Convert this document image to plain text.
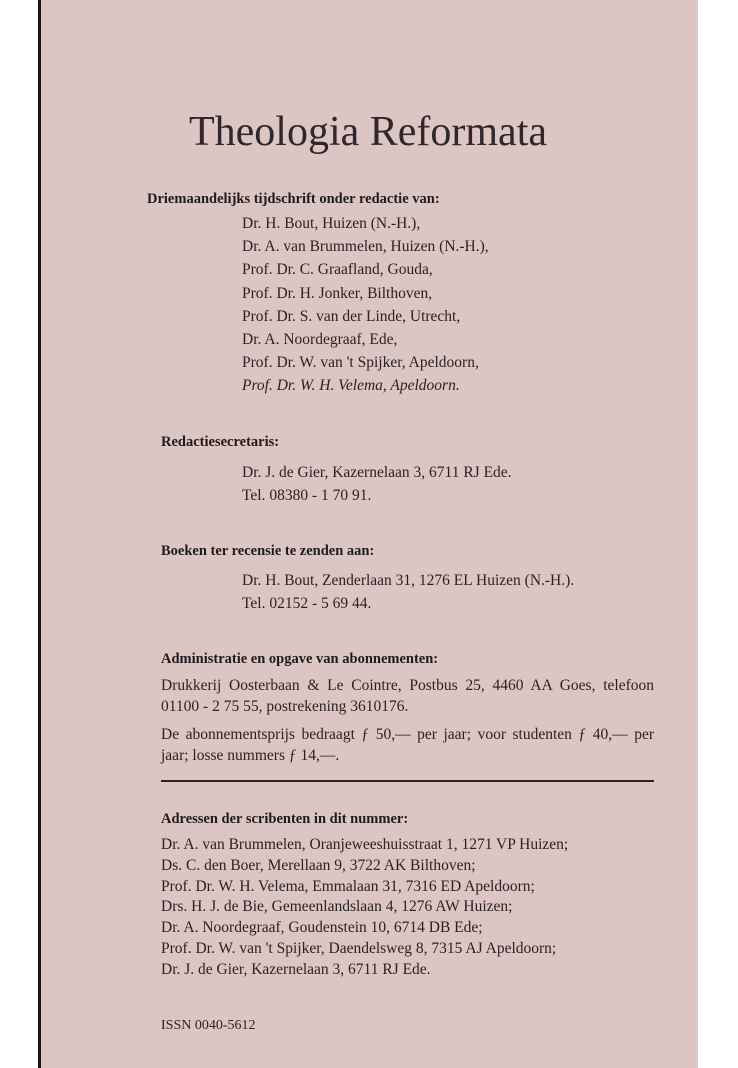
Theologia Reformata
Driemaandelijks tijdschrift onder redactie van:
Dr. H. Bout, Huizen (N.-H.),
Dr. A. van Brummelen, Huizen (N.-H.),
Prof. Dr. C. Graafland, Gouda,
Prof. Dr. H. Jonker, Bilthoven,
Prof. Dr. S. van der Linde, Utrecht,
Dr. A. Noordegraaf, Ede,
Prof. Dr. W. van 't Spijker, Apeldoorn,
Prof. Dr. W. H. Velema, Apeldoorn.
Redactiesecretaris:
Dr. J. de Gier, Kazernelaan 3, 6711 RJ Ede.
Tel. 08380 - 1 70 91.
Boeken ter recensie te zenden aan:
Dr. H. Bout, Zenderlaan 31, 1276 EL Huizen (N.-H.).
Tel. 02152 - 5 69 44.
Administratie en opgave van abonnementen:
Drukkerij Oosterbaan & Le Cointre, Postbus 25, 4460 AA Goes, telefoon 01100 - 2 75 55, postrekening 3610176.
De abonnementsprijs bedraagt ƒ 50,— per jaar; voor studenten ƒ 40,— per jaar; losse nummers ƒ 14,—.
Adressen der scribenten in dit nummer:
Dr. A. van Brummelen, Oranjeweeshuisstraat 1, 1271 VP Huizen;
Ds. C. den Boer, Merellaan 9, 3722 AK Bilthoven;
Prof. Dr. W. H. Velema, Emmalaan 31, 7316 ED Apeldoorn;
Drs. H. J. de Bie, Gemeenlandslaan 4, 1276 AW Huizen;
Dr. A. Noordegraaf, Goudenstein 10, 6714 DB Ede;
Prof. Dr. W. van 't Spijker, Daendelsweg 8, 7315 AJ Apeldoorn;
Dr. J. de Gier, Kazernelaan 3, 6711 RJ Ede.
ISSN 0040-5612
